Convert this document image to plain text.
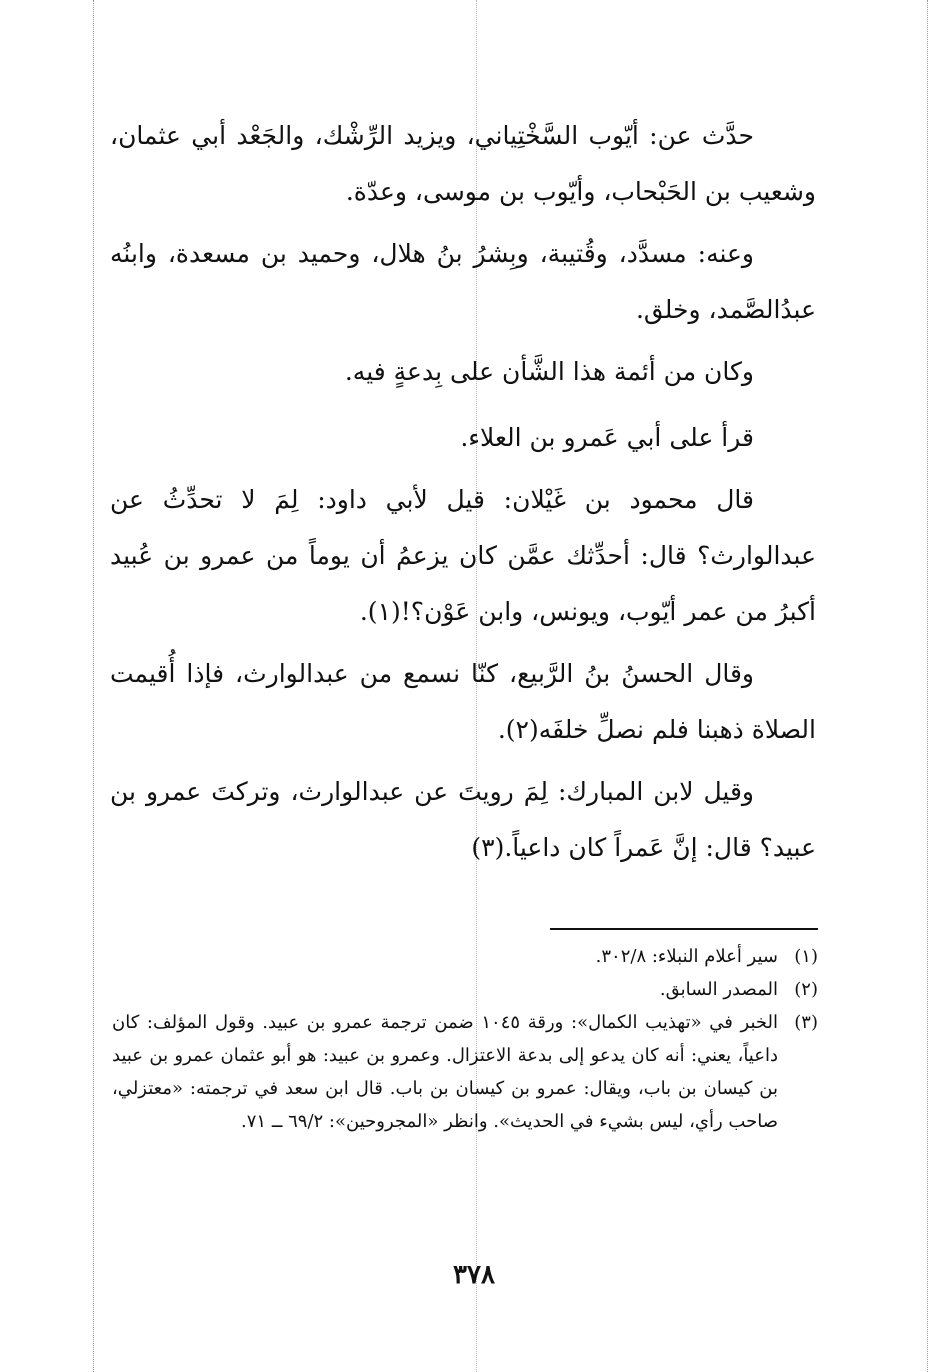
حدَّث عن: أيّوب السَّخْتِياني، ويزيد الرِّشْك، والجَعْد أبي عثمان، وشعيب بن الحَبْحاب، وأيّوب بن موسى، وعدّة.

وعنه: مسدَّد، وقُتيبة، وبِشرُ بنُ هلال، وحميد بن مسعدة، وابنُه عبدُالصَّمد، وخلق.

وكان من أئمة هذا الشَّأن على بِدعةٍ فيه.

قرأ على أبي عَمرو بن العلاء.

قال محمود بن غَيْلان: قيل لأبي داود: لِمَ لا تحدِّثُ عن عبدالوارث؟ قال: أحدِّثك عمَّن كان يزعمُ أن يوماً من عمرو بن عُبيد أكبرُ من عمر أيّوب، ويونس، وابن عَوْن؟!(١).

وقال الحسنُ بنُ الرَّبيع، كنّا نسمع من عبدالوارث، فإذا أُقيمت الصلاة ذهبنا فلم نصلِّ خلفَه(٢).

وقيل لابن المبارك: لِمَ رويتَ عن عبدالوارث، وتركتَ عمرو بن عبيد؟ قال: إنَّ عَمراً كان داعياً.(٣)

(١)
سير أعلام النبلاء: ٣٠٢/٨.
(٢)
المصدر السابق.
(٣)
الخبر في «تهذيب الكمال»: ورقة ١٠٤٥ ضمن ترجمة عمرو بن عبيد. وقول المؤلف: كان داعياً، يعني: أنه كان يدعو إلى بدعة الاعتزال. وعمرو بن عبيد: هو أبو عثمان عمرو بن عبيد بن كيسان بن باب، ويقال: عمرو بن كيسان بن باب. قال ابن سعد في ترجمته: «معتزلي، صاحب رأي، ليس بشيء في الحديث». وانظر «المجروحين»: ٦٩/٢ ــ ٧١.
٣٧٨
